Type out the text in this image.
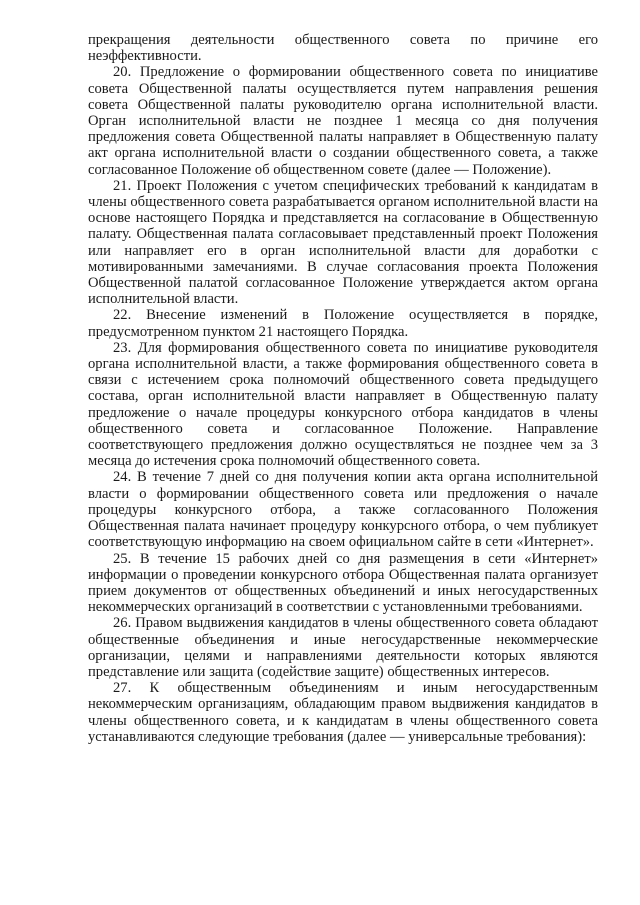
прекращения деятельности общественного совета по причине его неэффективности.

20. Предложение о формировании общественного совета по инициативе совета Общественной палаты осуществляется путем направления решения совета Общественной палаты руководителю органа исполнительной власти. Орган исполнительной власти не позднее 1 месяца со дня получения предложения совета Общественной палаты направляет в Общественную палату акт органа исполнительной власти о создании общественного совета, а также согласованное Положение об общественном совете (далее — Положение).

21. Проект Положения с учетом специфических требований к кандидатам в члены общественного совета разрабатывается органом исполнительной власти на основе настоящего Порядка и представляется на согласование в Общественную палату. Общественная палата согласовывает представленный проект Положения или направляет его в орган исполнительной власти для доработки с мотивированными замечаниями. В случае согласования проекта Положения Общественной палатой согласованное Положение утверждается актом органа исполнительной власти.

22. Внесение изменений в Положение осуществляется в порядке, предусмотренном пунктом 21 настоящего Порядка.

23. Для формирования общественного совета по инициативе руководителя органа исполнительной власти, а также формирования общественного совета в связи с истечением срока полномочий общественного совета предыдущего состава, орган исполнительной власти направляет в Общественную палату предложение о начале процедуры конкурсного отбора кандидатов в члены общественного совета и согласованное Положение. Направление соответствующего предложения должно осуществляться не позднее чем за 3 месяца до истечения срока полномочий общественного совета.

24. В течение 7 дней со дня получения копии акта органа исполнительной власти о формировании общественного совета или предложения о начале процедуры конкурсного отбора, а также согласованного Положения Общественная палата начинает процедуру конкурсного отбора, о чем публикует соответствующую информацию на своем официальном сайте в сети «Интернет».

25. В течение 15 рабочих дней со дня размещения в сети «Интернет» информации о проведении конкурсного отбора Общественная палата организует прием документов от общественных объединений и иных негосударственных некоммерческих организаций в соответствии с установленными требованиями.

26. Правом выдвижения кандидатов в члены общественного совета обладают общественные объединения и иные негосударственные некоммерческие организации, целями и направлениями деятельности которых являются представление или защита (содействие защите) общественных интересов.

27. К общественным объединениям и иным негосударственным некоммерческим организациям, обладающим правом выдвижения кандидатов в члены общественного совета, и к кандидатам в члены общественного совета устанавливаются следующие требования (далее — универсальные требования):
